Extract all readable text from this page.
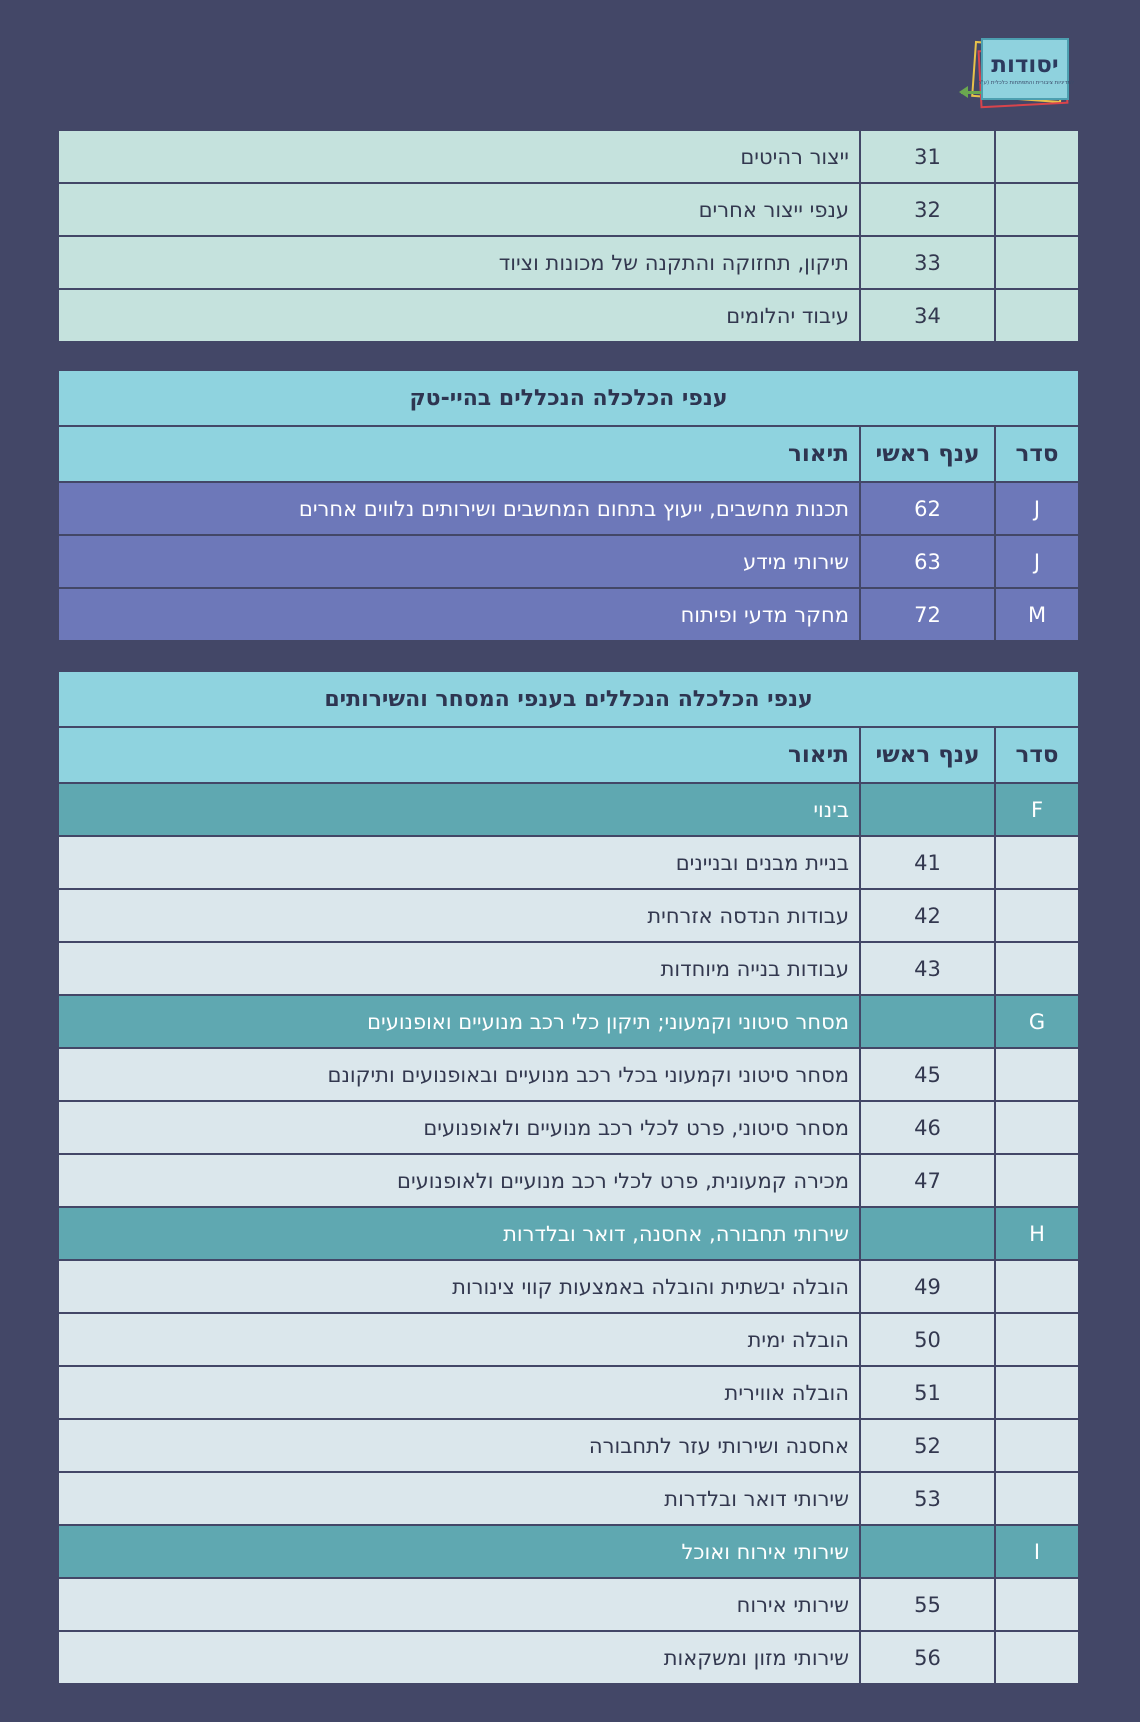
יסודות
למדיניות ציבורית והתפתחות כלכלית (ע"ר)
	31	ייצור רהיטים
	32	ענפי ייצור אחרים
	33	תיקון, תחזוקה והתקנה של מכונות וציוד
	34	עיבוד יהלומים
ענפי הכלכלה הנכללים בהיי-טק		
סדר	ענף ראשי	תיאור
J	62	תכנות מחשבים, ייעוץ בתחום המחשבים ושירותים נלווים אחרים
J	63	שירותי מידע
M	72	מחקר מדעי ופיתוח
ענפי הכלכלה הנכללים בענפי המסחר והשירותים		
סדר	ענף ראשי	תיאור
F		בינוי
	41	בניית מבנים ובניינים
	42	עבודות הנדסה אזרחית
	43	עבודות בנייה מיוחדות
G		מסחר סיטוני וקמעוני; תיקון כלי רכב מנועיים ואופנועים
	45	מסחר סיטוני וקמעוני בכלי רכב מנועיים ובאופנועים ותיקונם
	46	מסחר סיטוני, פרט לכלי רכב מנועיים ולאופנועים
	47	מכירה קמעונית, פרט לכלי רכב מנועיים ולאופנועים
H		שירותי תחבורה, אחסנה, דואר ובלדרות
	49	הובלה יבשתית והובלה באמצעות קווי צינורות
	50	הובלה ימית
	51	הובלה אווירית
	52	אחסנה ושירותי עזר לתחבורה
	53	שירותי דואר ובלדרות
I		שירותי אירוח ואוכל
	55	שירותי אירוח
	56	שירותי מזון ומשקאות
